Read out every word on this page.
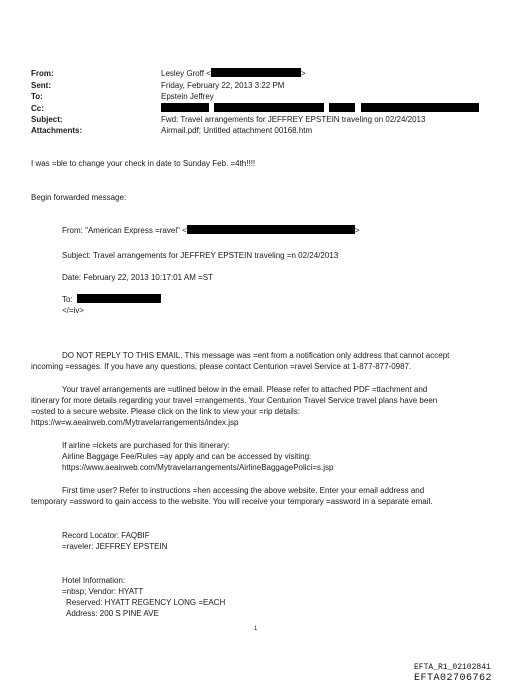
From:	Lesley Groff <	>
Sent:	Friday, February 22, 2013 3:22 PM
To:	Epstein Jeffrey
Cc:

Subject:	Fwd: Travel arrangements for JEFFREY EPSTEIN traveling on 02/24/2013
Attachments:	Airmail.pdf; Untitled attachment 00168.htm
I was =ble to change your check in date to Sunday Feb. =4th!!!!
Begin forwarded message:
From: "American Express =ravel" <	>
Subject: Travel arrangements for JEFFREY EPSTEIN traveling =n 02/24/2013
Date: February 22, 2013 10:17:01 AM =ST
To:
</=iv>
DO NOT REPLY TO THIS EMAIL. This message was =ent from a notification only address that cannot accept
incoming =essages. If you have any questions, please contact Centurion =ravel Service at 1-877-877-0987.
Your travel arrangements are =utlined below in the email. Please refer to attached PDF =ttachment and
itinerary for more details regarding your travel =rrangements. Your Centurion Travel Service travel plans have been
=osted to a secure website. Please click on the link to view your =rip details:
https://w=w.aeairweb.com/Mytravelarrangements/index.jsp
If airline =ickets are purchased for this itinerary:
Airline Baggage Fee/Rules =ay apply and can be accessed by visiting:
https://www.aeairweb.com/Mytravelarrangements/AirlineBaggagePolici=s.jsp
First time user? Refer to instructions =hen accessing the above website. Enter your email address and
temporary =assword to gain access to the website. You will receive your temporary =assword in a separate email.
Record Locator: FAQBIF
=raveler: JEFFREY EPSTEIN
Hotel Information:
=nbsp; Vendor: HYATT
Reserved: HYATT REGENCY LONG =EACH
Address: 200 S PINE AVE
1
EFTA_R1_02102841
EFTA02706762
